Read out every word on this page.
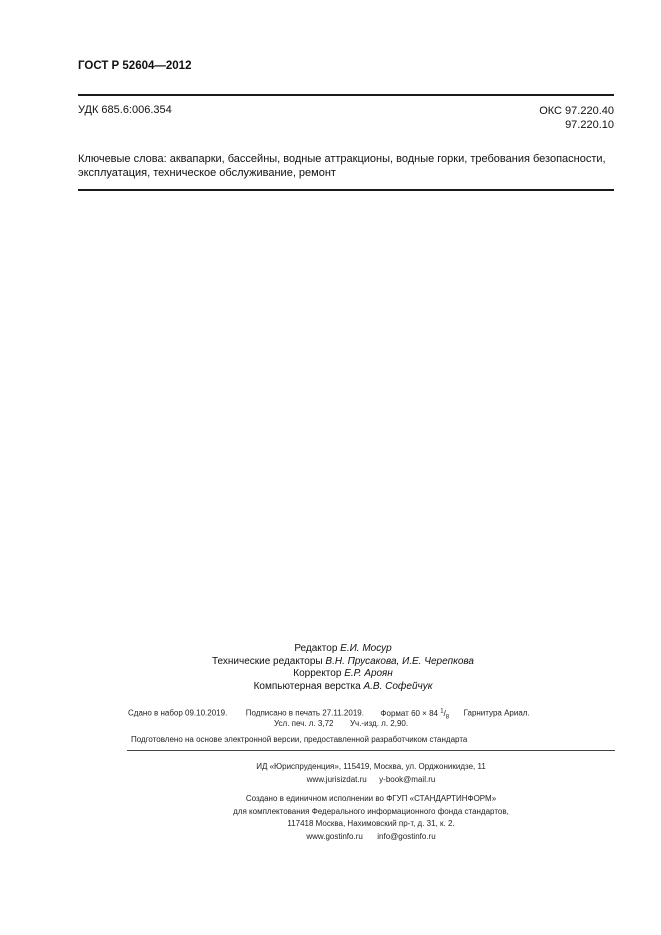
ГОСТ Р 52604—2012
УДК 685.6:006.354	ОКС 97.220.40
97.220.10
Ключевые слова: аквапарки, бассейны, водные аттракционы, водные горки, требования безопасности, эксплуатация, техническое обслуживание, ремонт
Редактор Е.И. Мосур
Технические редакторы В.Н. Прусакова, И.Е. Черепкова
Корректор Е.Р. Ароян
Компьютерная верстка А.В. Софейчук
Сдано в набор 09.10.2019. Подписано в печать 27.11.2019. Формат 60 × 84 $^1/_8$ Гарнитура Ариал.
Усл. печ. л. 3,72 Уч.-изд. л. 2,90.
Подготовлено на основе электронной версии, предоставленной разработчиком стандарта
ИД «Юриспруденция», 115419, Москва, ул. Орджоникидзе, 11
www.jurisizdat.ru y-book@mail.ru
Создано в единичном исполнении во ФГУП «СТАНДАРТИНФОРМ»
для комплектования Федерального информационного фонда стандартов,
117418 Москва, Нахимовский пр-т, д. 31, к. 2.
www.gostinfo.ru info@gostinfo.ru
